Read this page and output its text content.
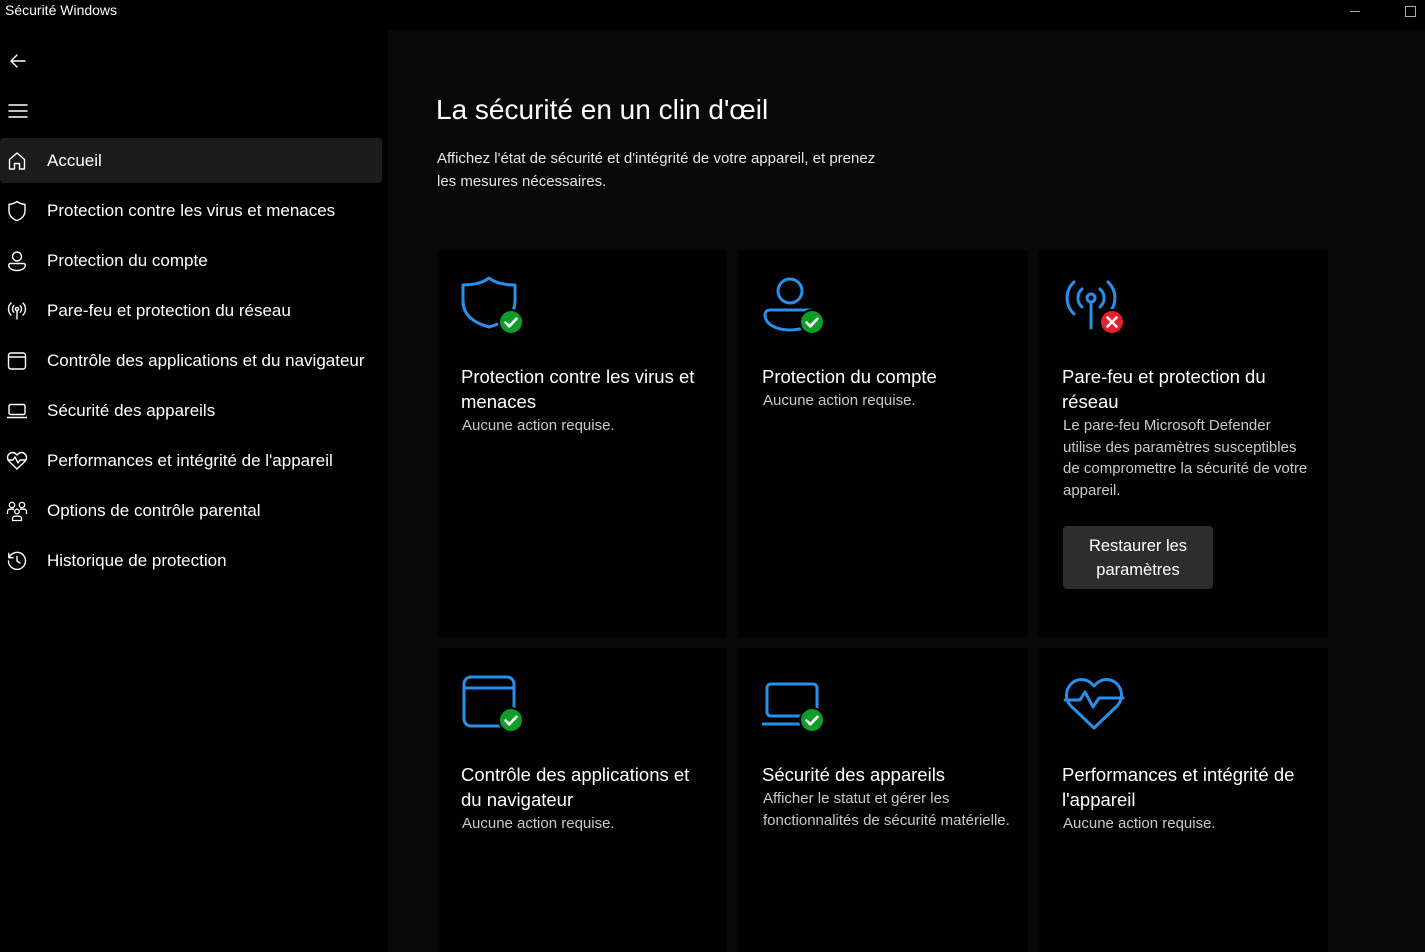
Sécurité Windows
Accueil
Protection contre les virus et menaces
Protection du compte
Pare-feu et protection du réseau
Contrôle des applications et du navigateur
Sécurité des appareils
Performances et intégrité de l'appareil
Options de contrôle parental
Historique de protection
La sécurité en un clin d'œil
Affichez l'état de sécurité et d'intégrité de votre appareil, et prenez les mesures nécessaires.
Protection contre les virus et menaces
Aucune action requise.
Protection du compte
Aucune action requise.
Pare-feu et protection du réseau
Le pare-feu Microsoft Defender utilise des paramètres susceptibles de compromettre la sécurité de votre appareil.
Restaurer les paramètres
Contrôle des applications et du navigateur
Aucune action requise.
Sécurité des appareils
Afficher le statut et gérer les fonctionnalités de sécurité matérielle.
Performances et intégrité de l'appareil
Aucune action requise.
